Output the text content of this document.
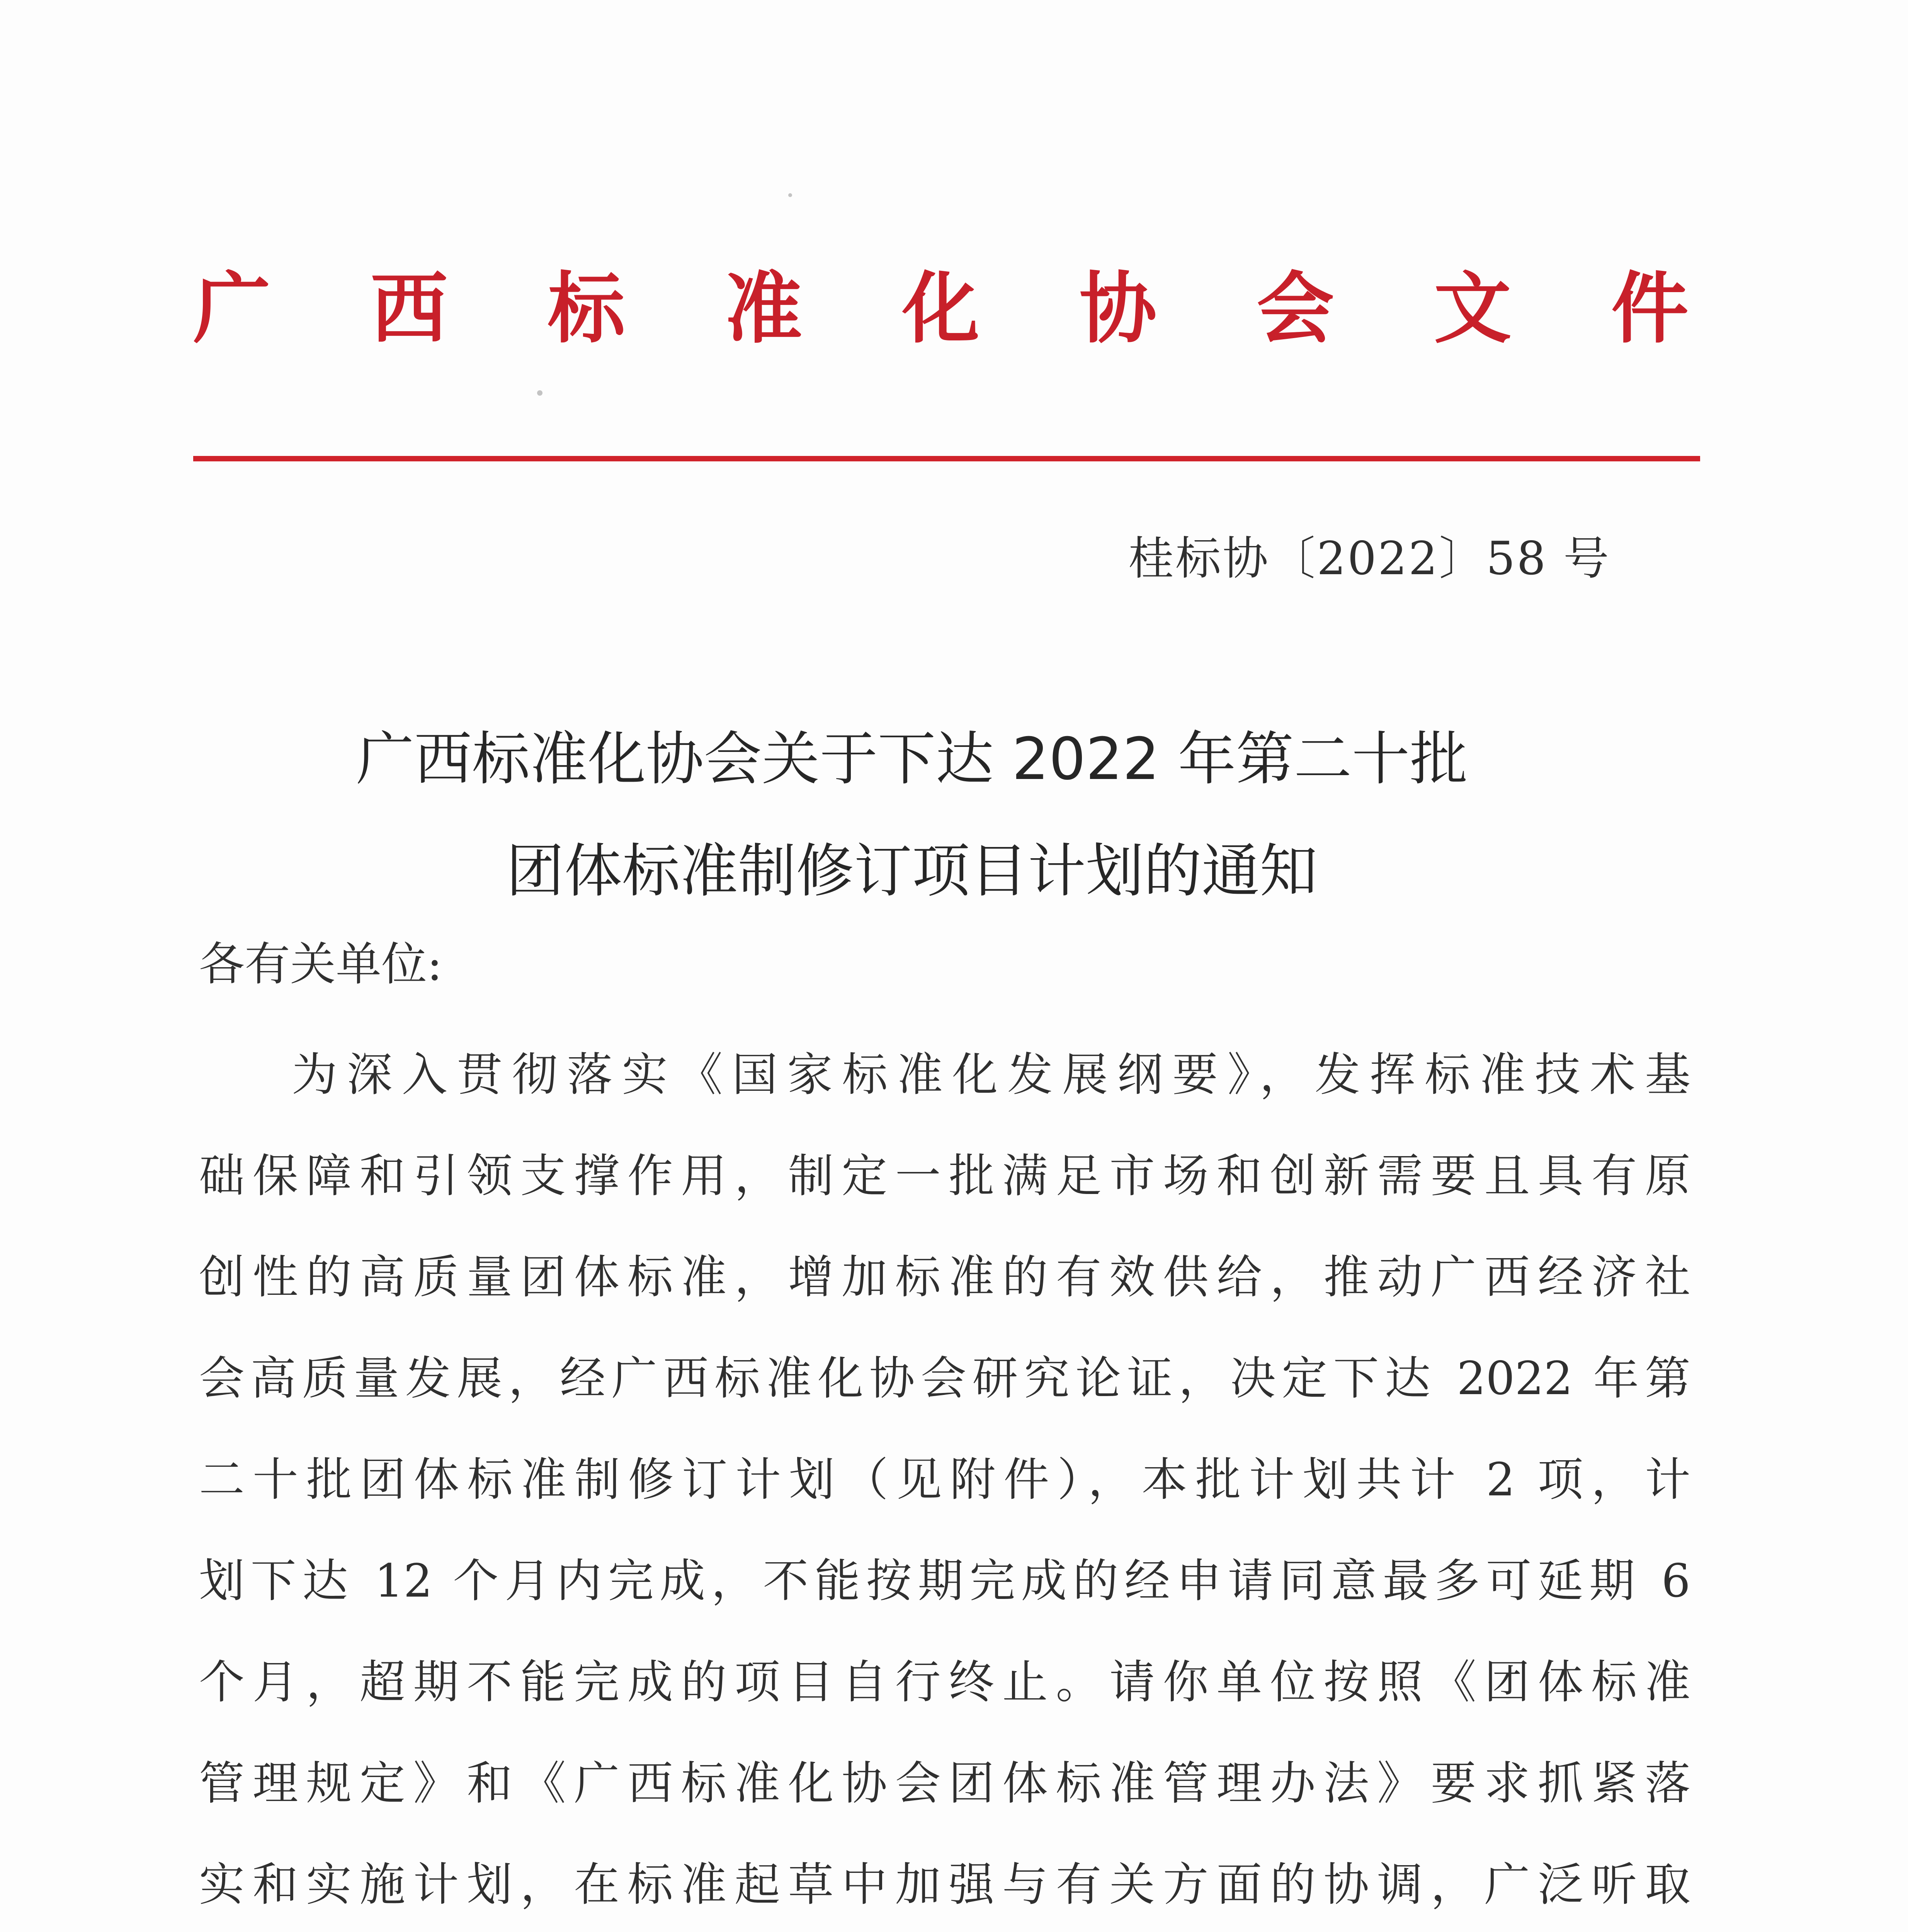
广 西 标 准 化 协 会 文 件
桂标协〔2022〕58 号
广西标准化协会关于下达 2022 年第二十批
团体标准制修订项目计划的通知
各有关单位:
为深入贯彻落实《国家标准化发展纲要》，发挥标准技术基
础保障和引领支撑作用，制定一批满足市场和创新需要且具有原
创性的高质量团体标准，增加标准的有效供给，推动广西经济社
会高质量发展，经广西标准化协会研究论证，决定下达 2022 年第
二十批团体标准制修订计划（见附件），本批计划共计 2 项，计
划下达 12 个月内完成，不能按期完成的经申请同意最多可延期 6
个月，超期不能完成的项目自行终止。请你单位按照《团体标准
管理规定》和《广西标准化协会团体标准管理办法》要求抓紧落
实和实施计划，在标准起草中加强与有关方面的协调，广泛听取
